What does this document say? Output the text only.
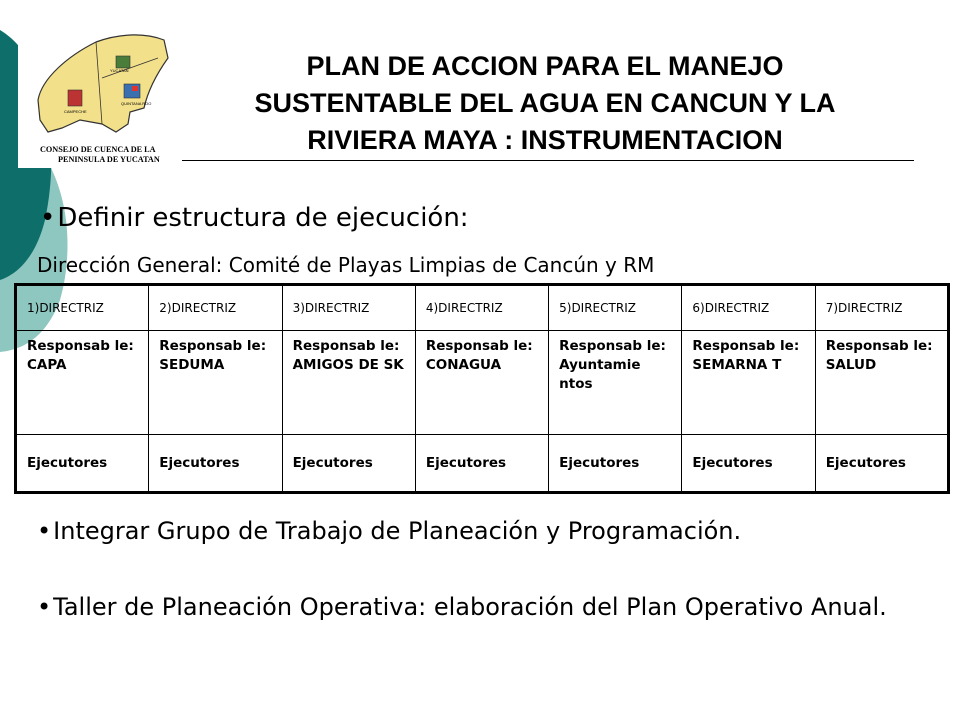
YUCATAN
CAMPECHE
QUINTANA ROO
CONSEJO DE CUENCA DE LA
PENINSULA DE YUCATAN
PLAN DE ACCION PARA EL MANEJO
SUSTENTABLE DEL AGUA EN CANCUN Y LA
RIVIERA MAYA : INSTRUMENTACION
•Definir estructura de ejecución:
Dirección General: Comité de Playas Limpias de Cancún y RM
1)DIRECTRIZ	2)DIRECTRIZ	3)DIRECTRIZ	4)DIRECTRIZ	5)DIRECTRIZ	6)DIRECTRIZ	7)DIRECTRIZ
Responsab le: CAPA	Responsab le: SEDUMA	Responsab le: AMIGOS DE SK	Responsab le: CONAGUA	Responsab le: Ayuntamie ntos	Responsab le: SEMARNA T	Responsab le: SALUD
Ejecutores	Ejecutores	Ejecutores	Ejecutores	Ejecutores	Ejecutores	Ejecutores
•Integrar Grupo de Trabajo de Planeación y Programación.
•Taller de Planeación Operativa: elaboración del Plan Operativo Anual.
